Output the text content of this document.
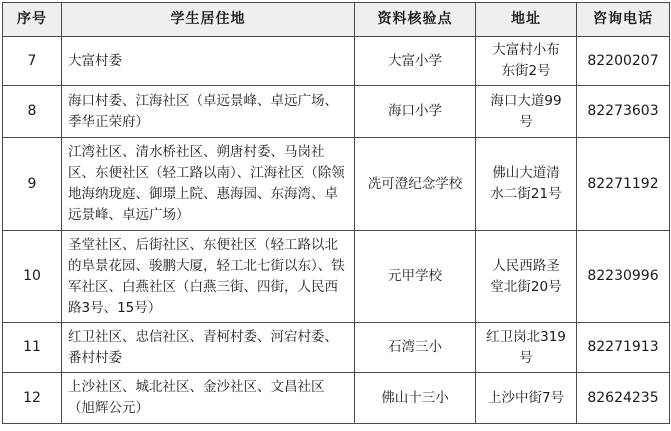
序号	学生居住地	资料核验点	地址	咨询电话
7	大富村委	大富小学	大富村小布东街2号	82200207
8	海口村委、江海社区（卓远景峰、卓远广场、季华正荣府）	海口小学	海口大道99号	82273603
9	江湾社区、清水桥社区、朔唐村委、马岗社区、东便社区（轻工路以南）、江海社区（除领地海纳珑庭、御璟上院、惠海园、东海湾、卓远景峰、卓远广场）	冼可澄纪念学校	佛山大道清水二街21号	82271192
10	圣堂社区、后街社区、东便社区（轻工路以北的阜景花园、骏鹏大厦，轻工北七街以东）、铁军社区、白燕社区（白燕三街、四街，人民西路3号、15号）	元甲学校	人民西路圣堂北街20号	82230996
11	红卫社区、忠信社区、青柯村委、河宕村委、番村村委	石湾三小	红卫岗北319号	82271913
12	上沙社区、城北社区、金沙社区、文昌社区（旭辉公元）	佛山十三小	上沙中街7号	82624235
